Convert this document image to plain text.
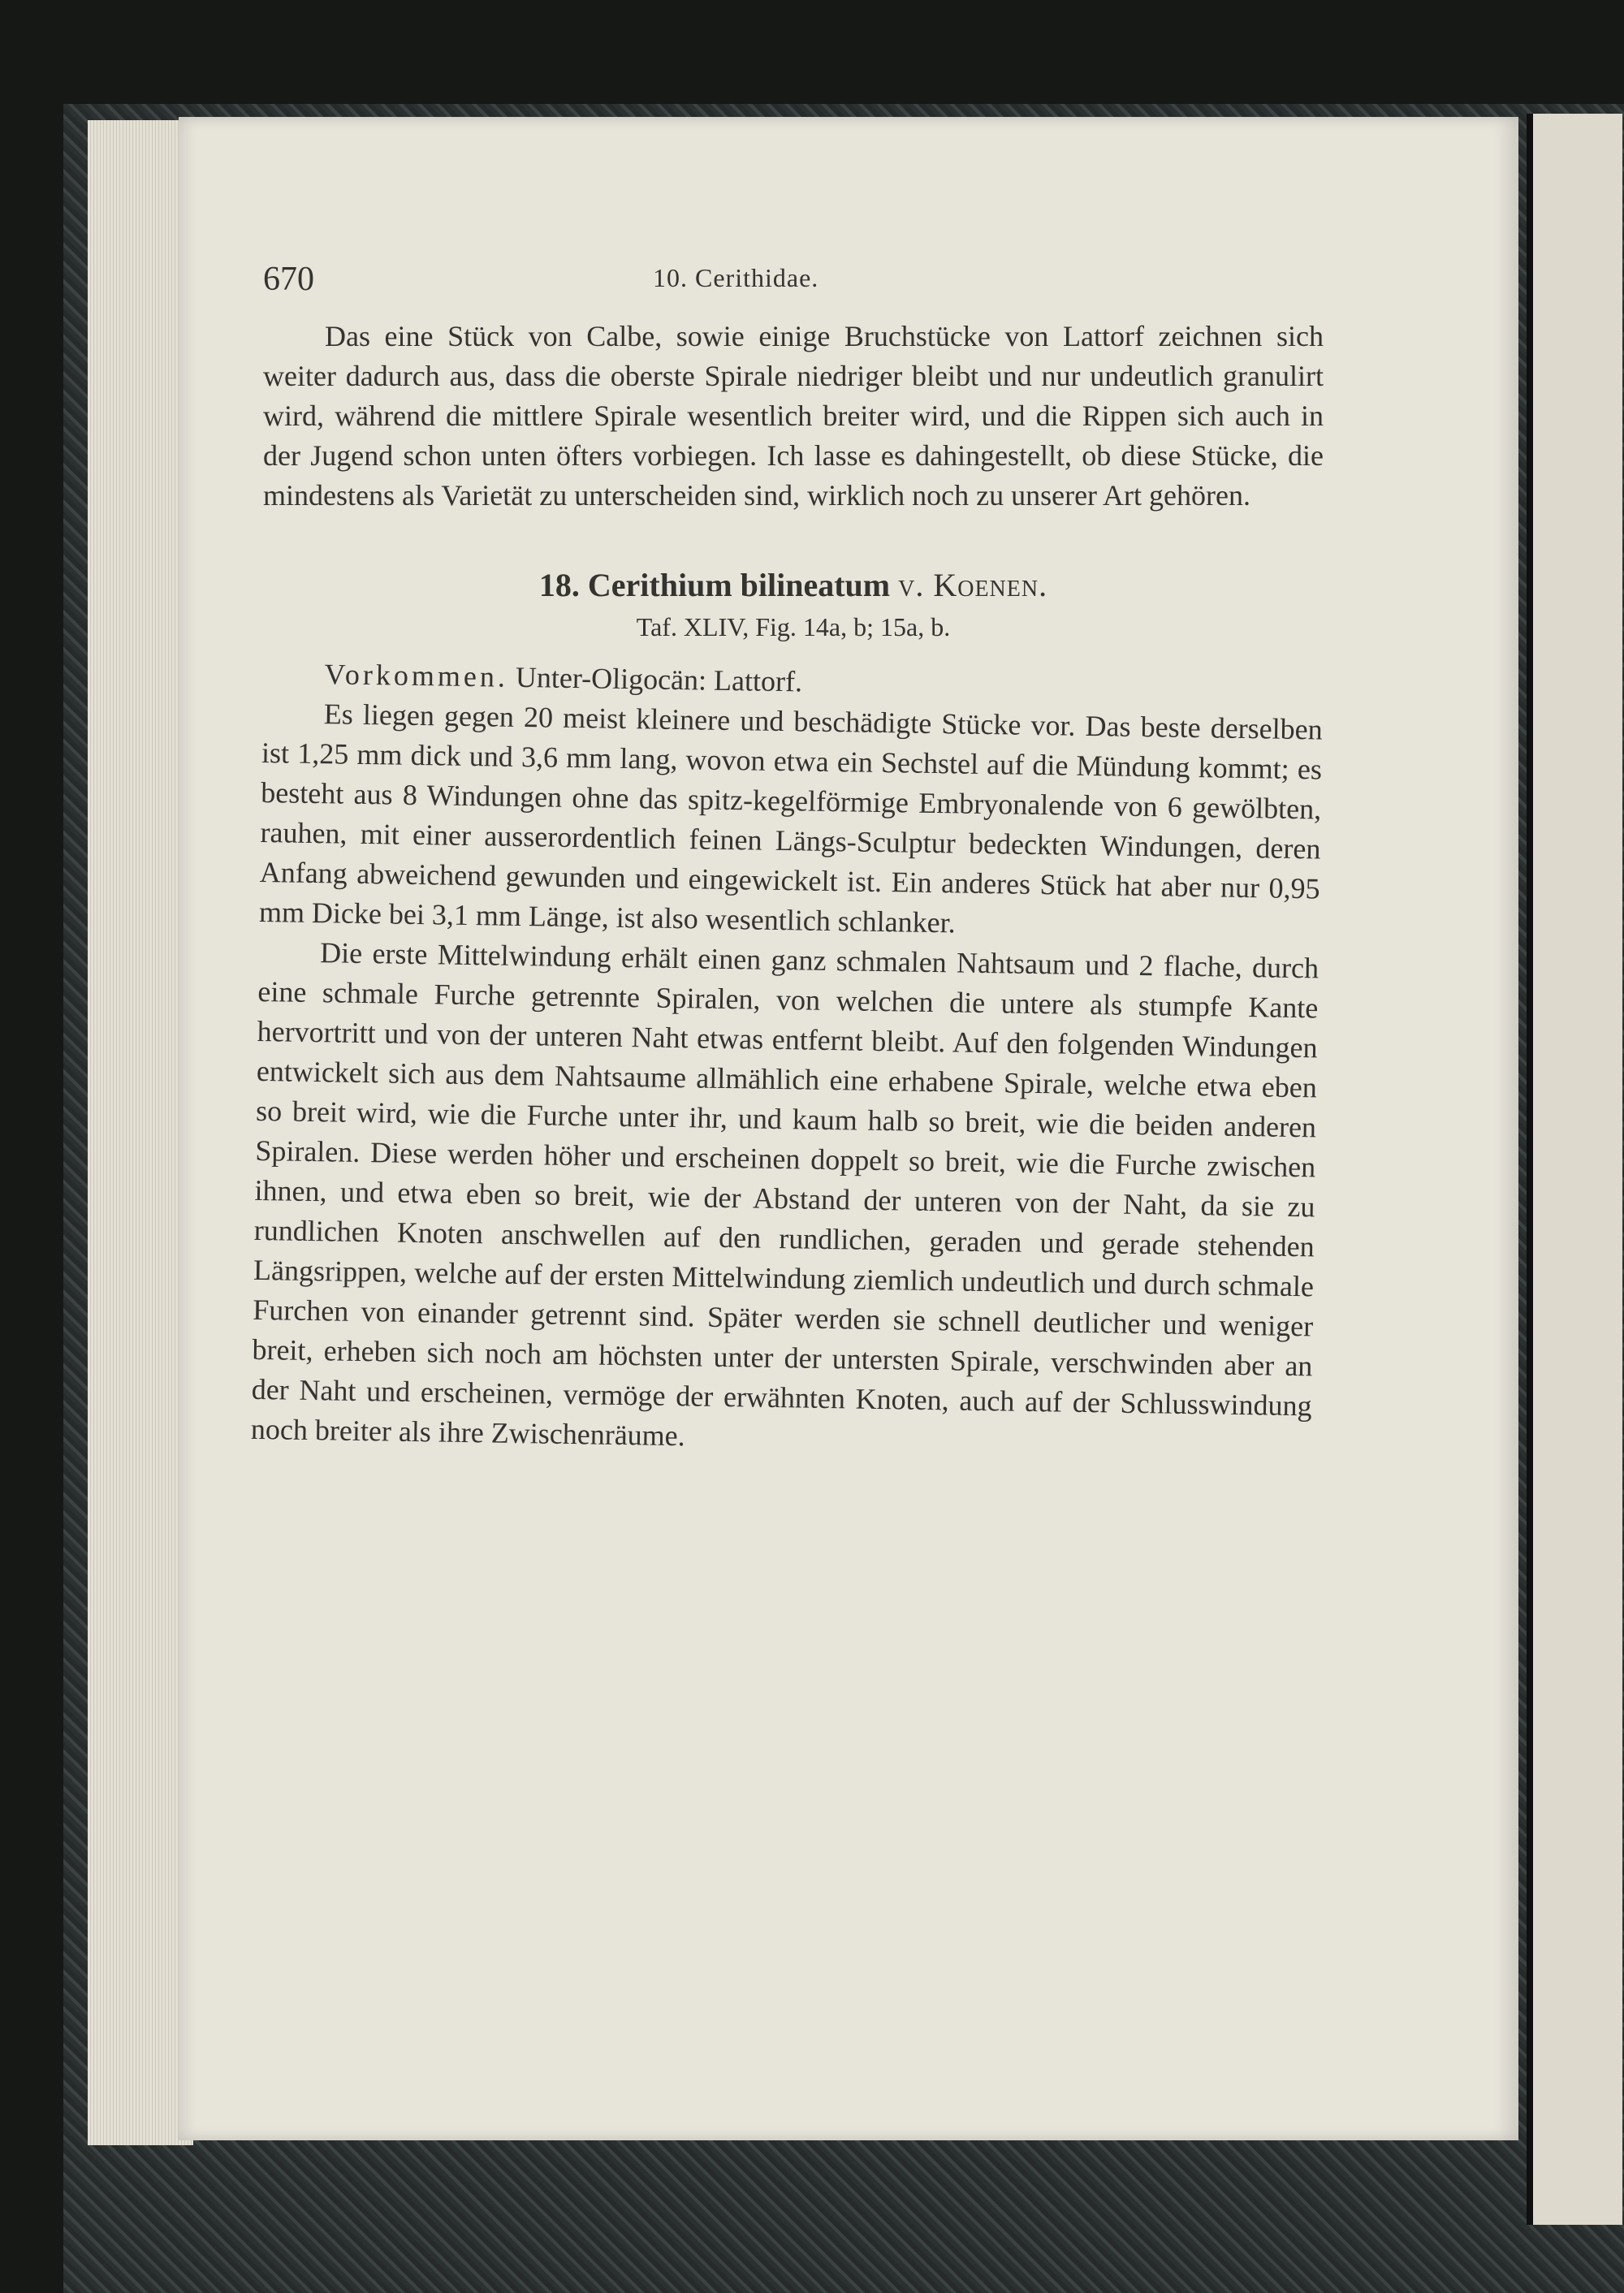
670	10. Cerithidae.

Das eine Stück von Calbe, sowie einige Bruchstücke von Lattorf zeichnen sich weiter dadurch aus, dass die oberste Spirale niedriger bleibt und nur undeutlich granulirt wird, während die mittlere Spirale wesentlich breiter wird, und die Rippen sich auch in der Jugend schon unten öfters vorbiegen. Ich lasse es dahingestellt, ob diese Stücke, die mindestens als Varietät zu unterscheiden sind, wirklich noch zu unserer Art gehören.

18. Cerithium bilineatum v. Koenen.
Taf. XLIV, Fig. 14a, b; 15a, b.

Vorkommen. Unter-Oligocän: Lattorf.

Es liegen gegen 20 meist kleinere und beschädigte Stücke vor. Das beste derselben ist 1,25 mm dick und 3,6 mm lang, wovon etwa ein Sechstel auf die Mündung kommt; es besteht aus 8 Windungen ohne das spitz-kegelförmige Embryonalende von 6 gewölbten, rauhen, mit einer ausserordentlich feinen Längs-Sculptur bedeckten Windungen, deren Anfang abweichend gewunden und eingewickelt ist. Ein anderes Stück hat aber nur 0,95 mm Dicke bei 3,1 mm Länge, ist also wesentlich schlanker.

Die erste Mittelwindung erhält einen ganz schmalen Nahtsaum und 2 flache, durch eine schmale Furche getrennte Spiralen, von welchen die untere als stumpfe Kante hervortritt und von der unteren Naht etwas entfernt bleibt. Auf den folgenden Windungen entwickelt sich aus dem Nahtsaume allmählich eine erhabene Spirale, welche etwa eben so breit wird, wie die Furche unter ihr, und kaum halb so breit, wie die beiden anderen Spiralen. Diese werden höher und erscheinen doppelt so breit, wie die Furche zwischen ihnen, und etwa eben so breit, wie der Abstand der unteren von der Naht, da sie zu rundlichen Knoten anschwellen auf den rundlichen, geraden und gerade stehenden Längsrippen, welche auf der ersten Mittelwindung ziemlich undeutlich und durch schmale Furchen von einander getrennt sind. Später werden sie schnell deutlicher und weniger breit, erheben sich noch am höchsten unter der untersten Spirale, verschwinden aber an der Naht und erscheinen, vermöge der erwähnten Knoten, auch auf der Schlusswindung noch breiter als ihre Zwischenräume.
